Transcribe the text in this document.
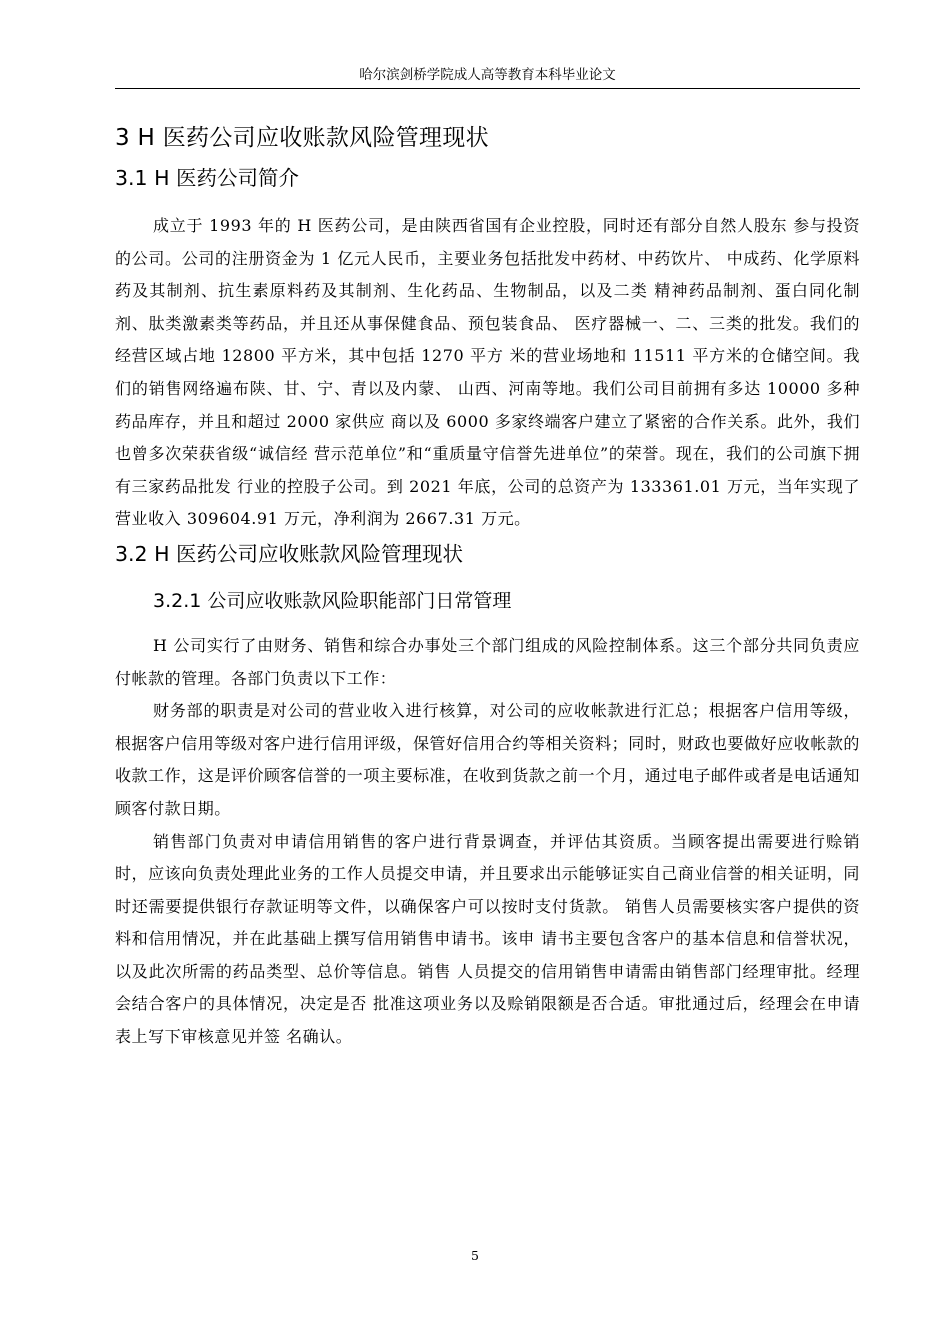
哈尔滨剑桥学院成人高等教育本科毕业论文
3 H 医药公司应收账款风险管理现状
3.1 H 医药公司简介

成立于 1993 年的 H 医药公司，是由陕西省国有企业控股，同时还有部分自然人股东 参与投资的公司。公司的注册资金为 1 亿元人民币，主要业务包括批发中药材、中药饮片、 中成药、化学原料药及其制剂、抗生素原料药及其制剂、生化药品、生物制品，以及二类 精神药品制剂、蛋白同化制剂、肽类激素类等药品，并且还从事保健食品、预包装食品、 医疗器械一、二、三类的批发。我们的经营区域占地 12800 平方米，其中包括 1270 平方 米的营业场地和 11511 平方米的仓储空间。我们的销售网络遍布陕、甘、宁、青以及内蒙、 山西、河南等地。我们公司目前拥有多达 10000 多种药品库存，并且和超过 2000 家供应 商以及 6000 多家终端客户建立了紧密的合作关系。此外，我们也曾多次荣获省级“诚信经 营示范单位”和“重质量守信誉先进单位”的荣誉。现在，我们的公司旗下拥有三家药品批发 行业的控股子公司。到 2021 年底，公司的总资产为 133361.01 万元，当年实现了营业收入 309604.91 万元，净利润为 2667.31 万元。

3.2 H 医药公司应收账款风险管理现状
3.2.1 公司应收账款风险职能部门日常管理

H 公司实行了由财务、销售和综合办事处三个部门组成的风险控制体系。这三个部分共同负责应付帐款的管理。各部门负责以下工作：

财务部的职责是对公司的营业收入进行核算，对公司的应收帐款进行汇总；根据客户信用等级，根据客户信用等级对客户进行信用评级，保管好信用合约等相关资料；同时，财政也要做好应收帐款的收款工作，这是评价顾客信誉的一项主要标准，在收到货款之前一个月，通过电子邮件或者是电话通知顾客付款日期。

销售部门负责对申请信用销售的客户进行背景调查，并评估其资质。当顾客提出需要进行赊销时，应该向负责处理此业务的工作人员提交申请，并且要求出示能够证实自己商业信誉的相关证明，同时还需要提供银行存款证明等文件，以确保客户可以按时支付货款。 销售人员需要核实客户提供的资料和信用情况，并在此基础上撰写信用销售申请书。该申 请书主要包含客户的基本信息和信誉状况，以及此次所需的药品类型、总价等信息。销售 人员提交的信用销售申请需由销售部门经理审批。经理会结合客户的具体情况，决定是否 批准这项业务以及赊销限额是否合适。审批通过后，经理会在申请表上写下审核意见并签 名确认。

5
